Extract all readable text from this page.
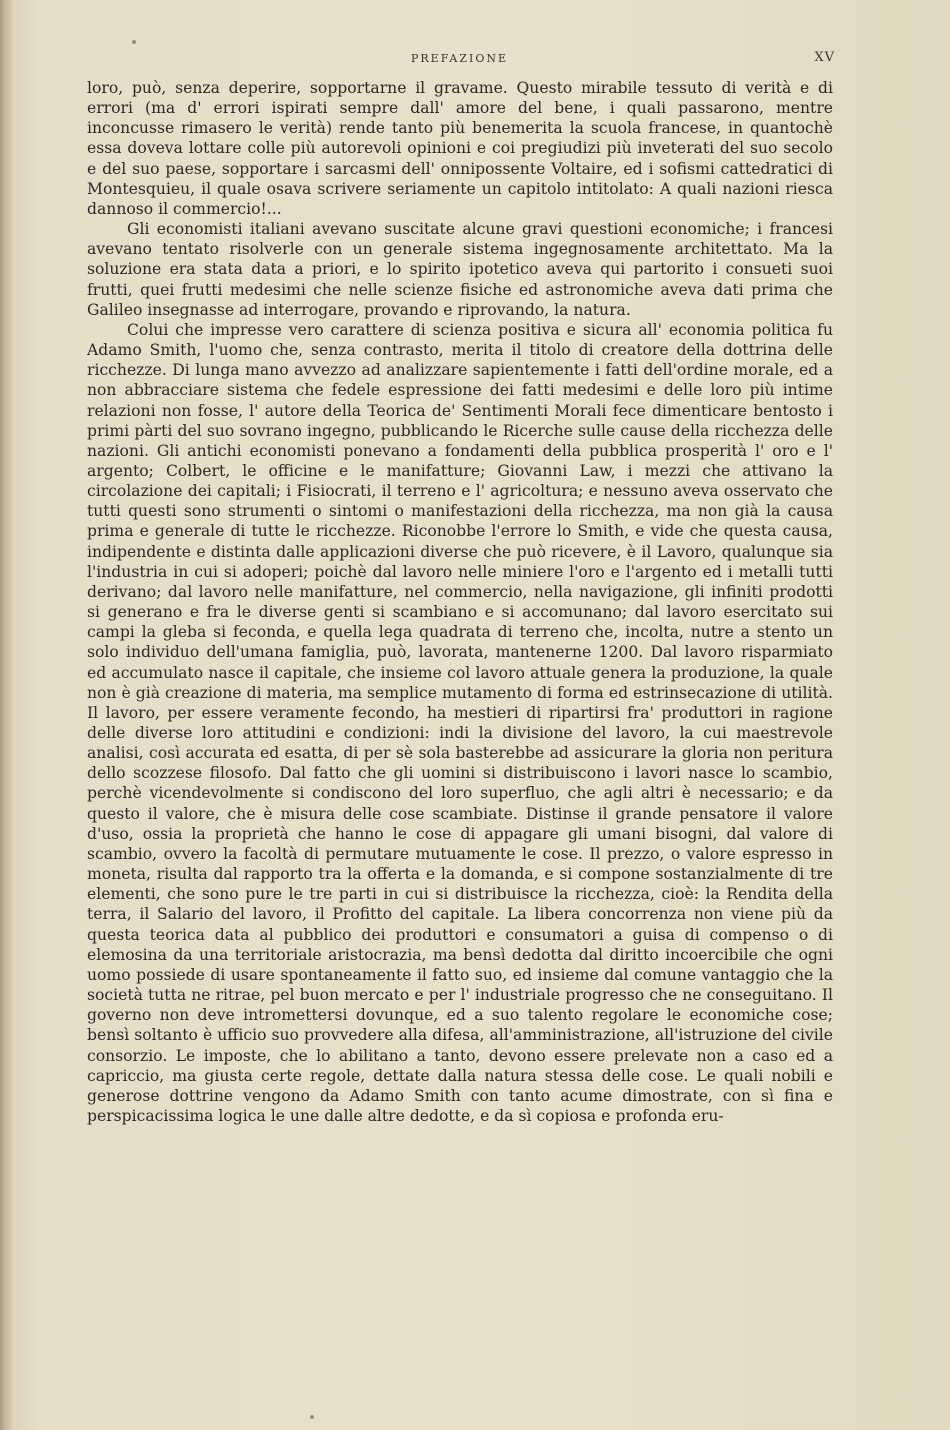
PREFAZIONE	XV

loro, può, senza deperire, sopportarne il gravame. Questo mirabile tessuto di verità e di errori (ma d' errori ispirati sempre dall' amore del bene, i quali passarono, mentre inconcusse rimasero le verità) rende tanto più benemerita la scuola francese, in quantochè essa doveva lottare colle più autorevoli opinioni e coi pregiudizi più inveterati del suo secolo e del suo paese, sopportare i sarcasmi dell' onnipossente Voltaire, ed i sofismi cattedratici di Montesquieu, il quale osava scrivere seriamente un capitolo intitolato: A quali nazioni riesca dannoso il commercio!...

Gli economisti italiani avevano suscitate alcune gravi questioni economiche; i francesi avevano tentato risolverle con un generale sistema ingegnosamente architettato. Ma la soluzione era stata data a priori, e lo spirito ipotetico aveva qui partorito i consueti suoi frutti, quei frutti medesimi che nelle scienze fisiche ed astronomiche aveva dati prima che Galileo insegnasse ad interrogare, provando e riprovando, la natura.

Colui che impresse vero carattere di scienza positiva e sicura all' economia politica fu Adamo Smith, l'uomo che, senza contrasto, merita il titolo di creatore della dottrina delle ricchezze. Di lunga mano avvezzo ad analizzare sapientemente i fatti dell'ordine morale, ed a non abbracciare sistema che fedele espressione dei fatti medesimi e delle loro più intime relazioni non fosse, l' autore della Teorica de' Sentimenti Morali fece dimenticare bentosto i primi pàrti del suo sovrano ingegno, pubblicando le Ricerche sulle cause della ricchezza delle nazioni. Gli antichi economisti ponevano a fondamenti della pubblica prosperità l' oro e l' argento; Colbert, le officine e le manifatture; Giovanni Law, i mezzi che attivano la circolazione dei capitali; i Fisiocrati, il terreno e l' agricoltura; e nessuno aveva osservato che tutti questi sono strumenti o sintomi o manifestazioni della ricchezza, ma non già la causa prima e generale di tutte le ricchezze. Riconobbe l'errore lo Smith, e vide che questa causa, indipendente e distinta dalle applicazioni diverse che può ricevere, è il Lavoro, qualunque sia l'industria in cui si adoperi; poichè dal lavoro nelle miniere l'oro e l'argento ed i metalli tutti derivano; dal lavoro nelle manifatture, nel commercio, nella navigazione, gli infiniti prodotti si generano e fra le diverse genti si scambiano e si accomunano; dal lavoro esercitato sui campi la gleba si feconda, e quella lega quadrata di terreno che, incolta, nutre a stento un solo individuo dell'umana famiglia, può, lavorata, mantenerne 1200. Dal lavoro risparmiato ed accumulato nasce il capitale, che insieme col lavoro attuale genera la produzione, la quale non è già creazione di materia, ma semplice mutamento di forma ed estrinsecazione di utilità. Il lavoro, per essere veramente fecondo, ha mestieri di ripartirsi fra' produttori in ragione delle diverse loro attitudini e condizioni: indi la divisione del lavoro, la cui maestrevole analisi, così accurata ed esatta, di per sè sola basterebbe ad assicurare la gloria non peritura dello scozzese filosofo. Dal fatto che gli uomini si distribuiscono i lavori nasce lo scambio, perchè vicendevolmente si condiscono del loro superfluo, che agli altri è necessario; e da questo il valore, che è misura delle cose scambiate. Distinse il grande pensatore il valore d'uso, ossia la proprietà che hanno le cose di appagare gli umani bisogni, dal valore di scambio, ovvero la facoltà di permutare mutuamente le cose. Il prezzo, o valore espresso in moneta, risulta dal rapporto tra la offerta e la domanda, e si compone sostanzialmente di tre elementi, che sono pure le tre parti in cui si distribuisce la ricchezza, cioè: la Rendita della terra, il Salario del lavoro, il Profitto del capitale. La libera concorrenza non viene più da questa teorica data al pubblico dei produttori e consumatori a guisa di compenso o di elemosina da una territoriale aristocrazia, ma bensì dedotta dal diritto incoercibile che ogni uomo possiede di usare spontaneamente il fatto suo, ed insieme dal comune vantaggio che la società tutta ne ritrae, pel buon mercato e per l' industriale progresso che ne conseguitano. Il governo non deve intromettersi dovunque, ed a suo talento regolare le economiche cose; bensì soltanto è ufficio suo provvedere alla difesa, all'amministrazione, all'istruzione del civile consorzio. Le imposte, che lo abilitano a tanto, devono essere prelevate non a caso ed a capriccio, ma giusta certe regole, dettate dalla natura stessa delle cose. Le quali nobili e generose dottrine vengono da Adamo Smith con tanto acume dimostrate, con sì fina e perspicacissima logica le une dalle altre dedotte, e da sì copiosa e profonda eru-
